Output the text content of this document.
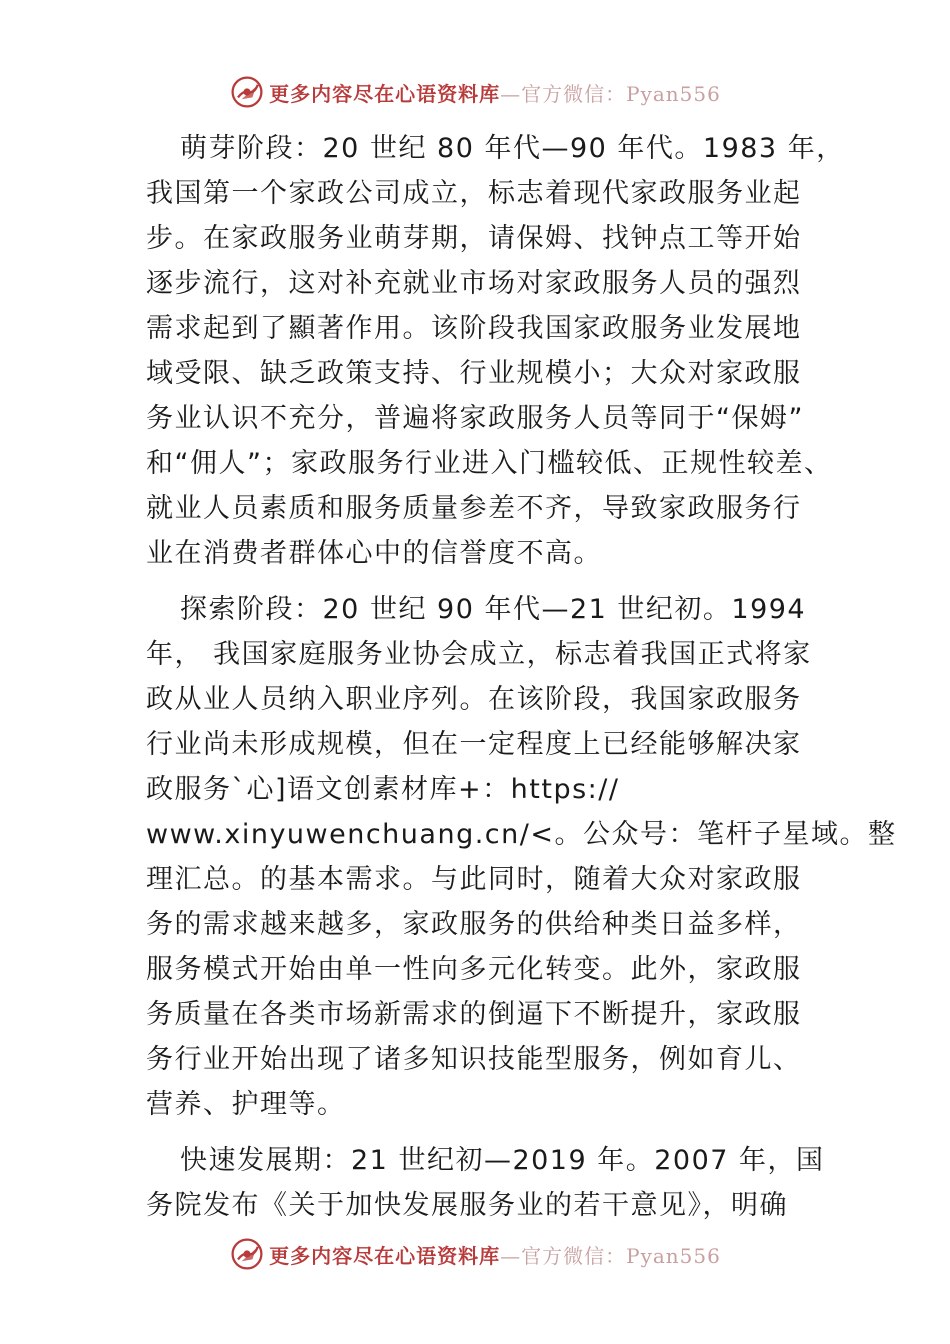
更多内容尽在心语资料库—官方微信：Pyan556
萌芽阶段：20 世纪 80 年代—90 年代。1983 年，
我国第一个家政公司成立，标志着现代家政服务业起
步。在家政服务业萌芽期，请保姆、找钟点工等开始
逐步流行，这对补充就业市场对家政服务人员的强烈
需求起到了顯著作用。该阶段我国家政服务业发展地
域受限、缺乏政策支持、行业规模小；大众对家政服
务业认识不充分，普遍将家政服务人员等同于“保姆”
和“佣人”；家政服务行业进入门槛较低、正规性较差、
就业人员素质和服务质量参差不齐，导致家政服务行
业在消费者群体心中的信誉度不高。
探索阶段：20 世纪 90 年代—21 世纪初。1994
年， 我国家庭服务业协会成立，标志着我国正式将家
政从业人员纳入职业序列。在该阶段，我国家政服务
行业尚未形成规模，但在一定程度上已经能够解决家
政服务`心]语文创素材库+：https://
www.xinyuwenchuang.cn/<。公众号：笔杆子星域。整
理汇总。的基本需求。与此同时，随着大众对家政服
务的需求越来越多，家政服务的供给种类日益多样，
服务模式开始由单一性向多元化转变。此外，家政服
务质量在各类市场新需求的倒逼下不断提升，家政服
务行业开始出现了诸多知识技能型服务，例如育儿、
营养、护理等。
快速发展期：21 世纪初—2019 年。2007 年，国
务院发布《关于加快发展服务业的若干意见》，明确
更多内容尽在心语资料库—官方微信：Pyan556
